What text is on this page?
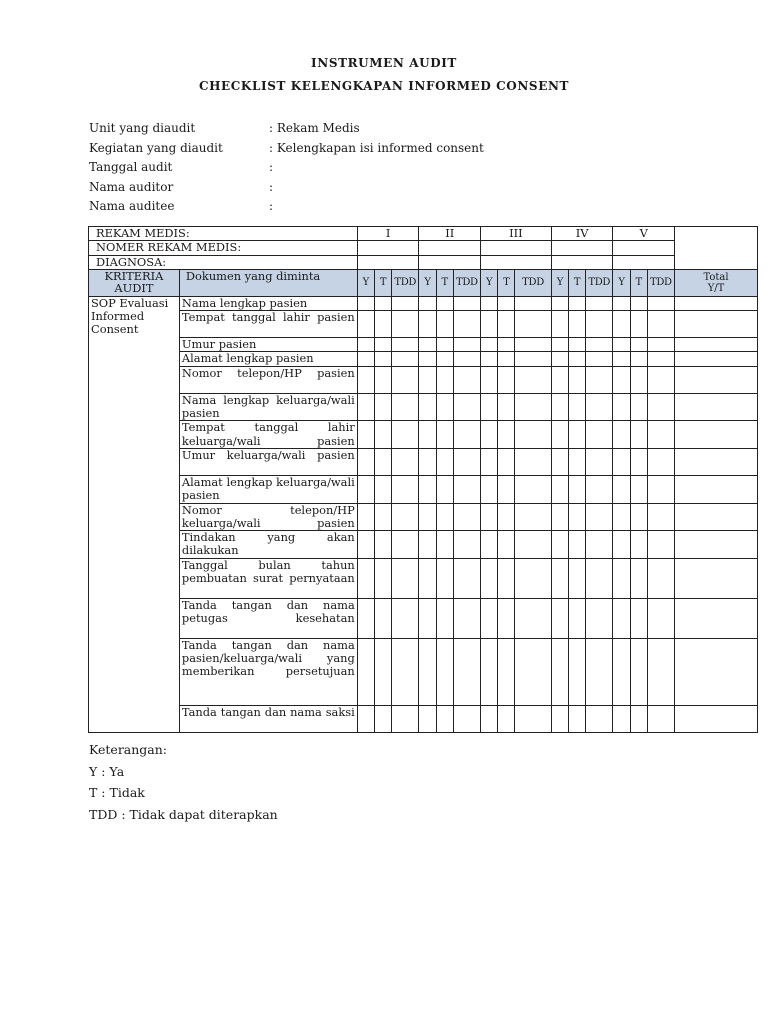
INSTRUMEN AUDIT
CHECKLIST KELENGKAPAN INFORMED CONSENT
Unit yang diaudit	: Rekam Medis
Kegiatan yang diaudit	: Kelengkapan isi informed consent
Tanggal audit
:
Nama auditor
:
Nama auditee
:
REKAM MEDIS:		I			II			III			IV			V			
NOMER REKAM MEDIS:																	
DIAGNOSA:																	
KRITERIA AUDIT	Dokumen yang diminta	Y	T	TDD	Y	T	TDD	Y	T	TDD	Y	T	TDD	Y	T	TDD	Total
Y/T
SOP Evaluasi Informed Consent	Nama lengkap pasien																
	Tempat tanggal lahir pasien																
	Umur pasien																
	Alamat lengkap pasien																
	Nomor telepon/HP pasien																
	Nama lengkap keluarga/wali pasien																
	Tempat tanggal lahir keluarga/wali pasien																
	Umur keluarga/wali pasien																
	Alamat lengkap keluarga/wali pasien																
	Nomor telepon/HP keluarga/wali pasien																
	Tindakan yang akan dilakukan																
	Tanggal bulan tahun pembuatan surat pernyataan																
	Tanda tangan dan nama petugas kesehatan																
	Tanda tangan dan nama pasien/keluarga/wali yang memberikan persetujuan																
	Tanda tangan dan nama saksi																
Keterangan:
Y : Ya
T : Tidak
TDD : Tidak dapat diterapkan
